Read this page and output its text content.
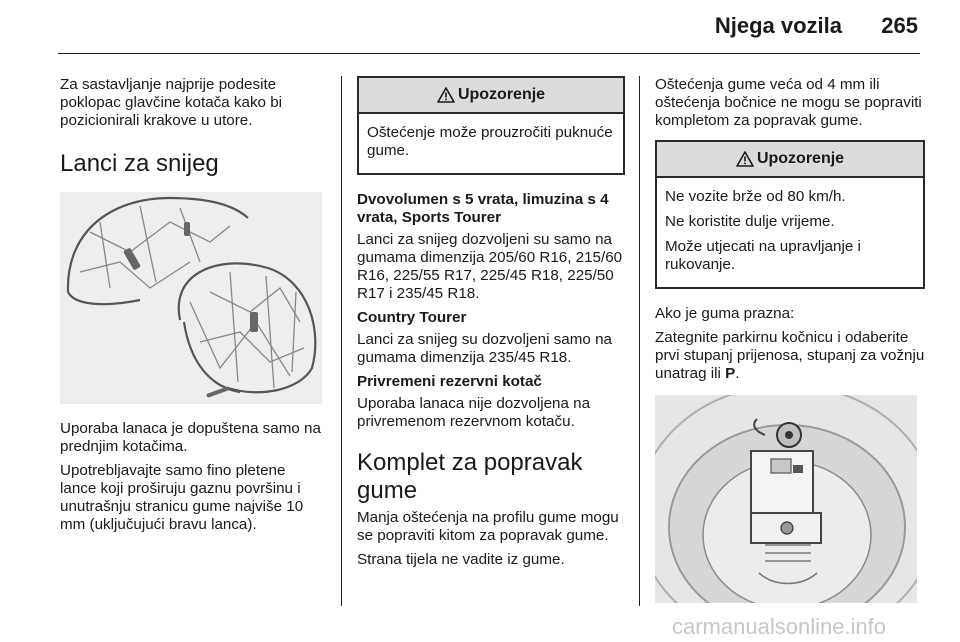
Njega vozila 265

Za sastavljanje najprije podesite poklopac glavčine kotača kako bi pozicionirali krakove u utore.

Lanci za snijeg

Uporaba lanaca je dopuštena samo na prednjim kotačima.

Upotrebljavajte samo fino pletene lance koji proširuju gaznu površinu i unutrašnju stranicu gume najviše 10 mm (uključujući bravu lanca).

Upozorenje

Oštećenje može prouzročiti puknuće gume.

Dvovolumen s 5 vrata, limuzina s 4 vrata, Sports Tourer

Lanci za snijeg dozvoljeni su samo na gumama dimenzija 205/60 R16, 215/60 R16, 225/55 R17, 225/45 R18, 225/50 R17 i 235/45 R18.

Country Tourer

Lanci za snijeg su dozvoljeni samo na gumama dimenzija 235/45 R18.

Privremeni rezervni kotač

Uporaba lanaca nije dozvoljena na privremenom rezervnom kotaču.

Komplet za popravak gume

Manja oštećenja na profilu gume mogu se popraviti kitom za popravak gume.

Strana tijela ne vadite iz gume.

Oštećenja gume veća od 4 mm ili oštećenja bočnice ne mogu se popraviti kompletom za popravak gume.

Upozorenje

Ne vozite brže od 80 km/h.

Ne koristite dulje vrijeme.

Može utjecati na upravljanje i rukovanje.

Ako je guma prazna:

Zategnite parkirnu kočnicu i odaberite prvi stupanj prijenosa, stupanj za vožnju unatrag ili P.

carmanualsonline.info
